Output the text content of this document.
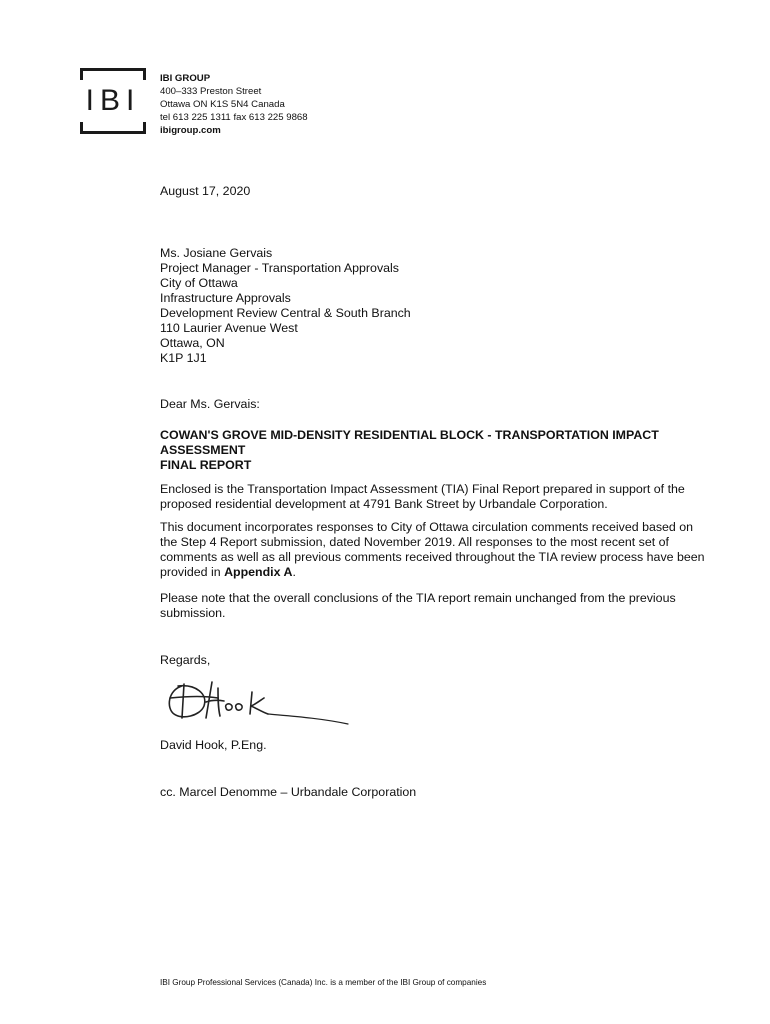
IBI
IBI GROUP
400–333 Preston Street
Ottawa ON K1S 5N4 Canada
tel 613 225 1311 fax 613 225 9868
ibigroup.com
August 17, 2020
Ms. Josiane Gervais
Project Manager - Transportation Approvals
City of Ottawa
Infrastructure Approvals
Development Review Central & South Branch
110 Laurier Avenue West
Ottawa, ON
K1P 1J1
Dear Ms. Gervais:
COWAN'S GROVE MID-DENSITY RESIDENTIAL BLOCK - TRANSPORTATION IMPACT
ASSESSMENT
FINAL REPORT
Enclosed is the Transportation Impact Assessment (TIA) Final Report prepared in support of the proposed residential development at 4791 Bank Street by Urbandale Corporation.
This document incorporates responses to City of Ottawa circulation comments received based on the Step 4 Report submission, dated November 2019. All responses to the most recent set of comments as well as all previous comments received throughout the TIA review process have been provided in Appendix A.
Please note that the overall conclusions of the TIA report remain unchanged from the previous submission.
Regards,
David Hook, P.Eng.
cc. Marcel Denomme – Urbandale Corporation
IBI Group Professional Services (Canada) Inc. is a member of the IBI Group of companies
